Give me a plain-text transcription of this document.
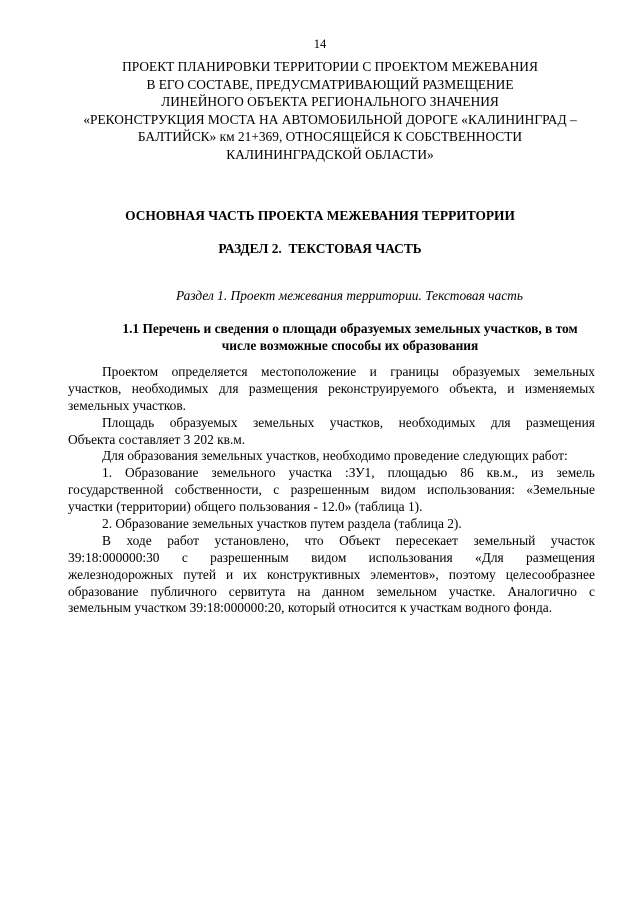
14
ПРОЕКТ ПЛАНИРОВКИ ТЕРРИТОРИИ С ПРОЕКТОМ МЕЖЕВАНИЯ
В ЕГО СОСТАВЕ, ПРЕДУСМАТРИВАЮЩИЙ РАЗМЕЩЕНИЕ
ЛИНЕЙНОГО ОБЪЕКТА РЕГИОНАЛЬНОГО ЗНАЧЕНИЯ
«РЕКОНСТРУКЦИЯ МОСТА НА АВТОМОБИЛЬНОЙ ДОРОГЕ «КАЛИНИНГРАД –
БАЛТИЙСК» км 21+369, ОТНОСЯЩЕЙСЯ К СОБСТВЕННОСТИ
КАЛИНИНГРАДСКОЙ ОБЛАСТИ»
ОСНОВНАЯ ЧАСТЬ ПРОЕКТА МЕЖЕВАНИЯ ТЕРРИТОРИИ
РАЗДЕЛ 2.  ТЕКСТОВАЯ ЧАСТЬ
Раздел 1. Проект межевания территории. Текстовая часть
1.1 Перечень и сведения о площади образуемых земельных участков, в том
числе возможные способы их образования
Проектом определяется местоположение и границы образуемых земельных
участков, необходимых для размещения реконструируемого объекта, и изменяемых
земельных участков.
Площадь образуемых земельных участков, необходимых для размещения
Объекта составляет 3 202 кв.м.
Для образования земельных участков, необходимо проведение следующих работ:
1. Образование земельного участка :ЗУ1, площадью 86 кв.м., из земель
государственной собственности, с разрешенным видом использования: «Земельные
участки (территории) общего пользования - 12.0» (таблица 1).
2. Образование земельных участков путем раздела (таблица 2).
В ходе работ установлено, что Объект пересекает земельный участок
39:18:000000:30 с разрешенным видом использования «Для размещения
железнодорожных путей и их конструктивных элементов», поэтому целесообразнее
образование публичного сервитута на данном земельном участке. Аналогично с
земельным участком 39:18:000000:20, который относится к участкам водного фонда.
